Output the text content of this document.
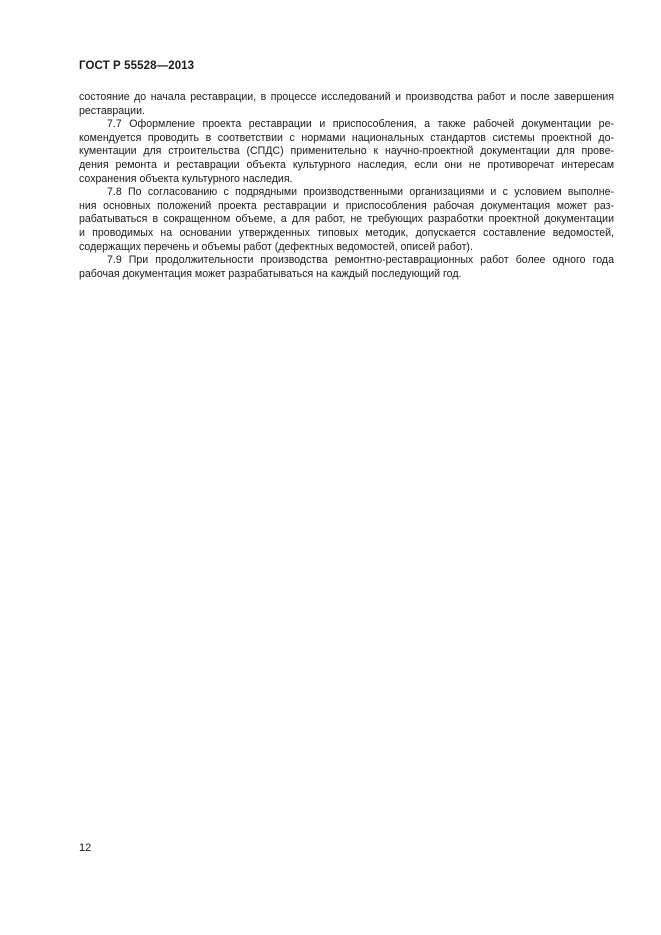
ГОСТ Р 55528—2013
состояние до начала реставрации, в процессе исследований и производства работ и после завершения
реставрации.
7.7 Оформление проекта реставрации и приспособления, а также рабочей документации ре-
комендуется проводить в соответствии с нормами национальных стандартов системы проектной до-
кументации для строительства (СПДС) применительно к научно-проектной документации для прове-
дения ремонта и реставрации объекта культурного наследия, если они не противоречат интересам
сохранения объекта культурного наследия.
7.8 По согласованию с подрядными производственными организациями и с условием выполне-
ния основных положений проекта реставрации и приспособления рабочая документация может раз-
рабатываться в сокращенном объеме, а для работ, не требующих разработки проектной документации
и проводимых на основании утвержденных типовых методик, допускается составление ведомостей,
содержащих перечень и объемы работ (дефектных ведомостей, описей работ).
7.9 При продолжительности производства ремонтно-реставрационных работ более одного года
рабочая документация может разрабатываться на каждый последующий год.
12
